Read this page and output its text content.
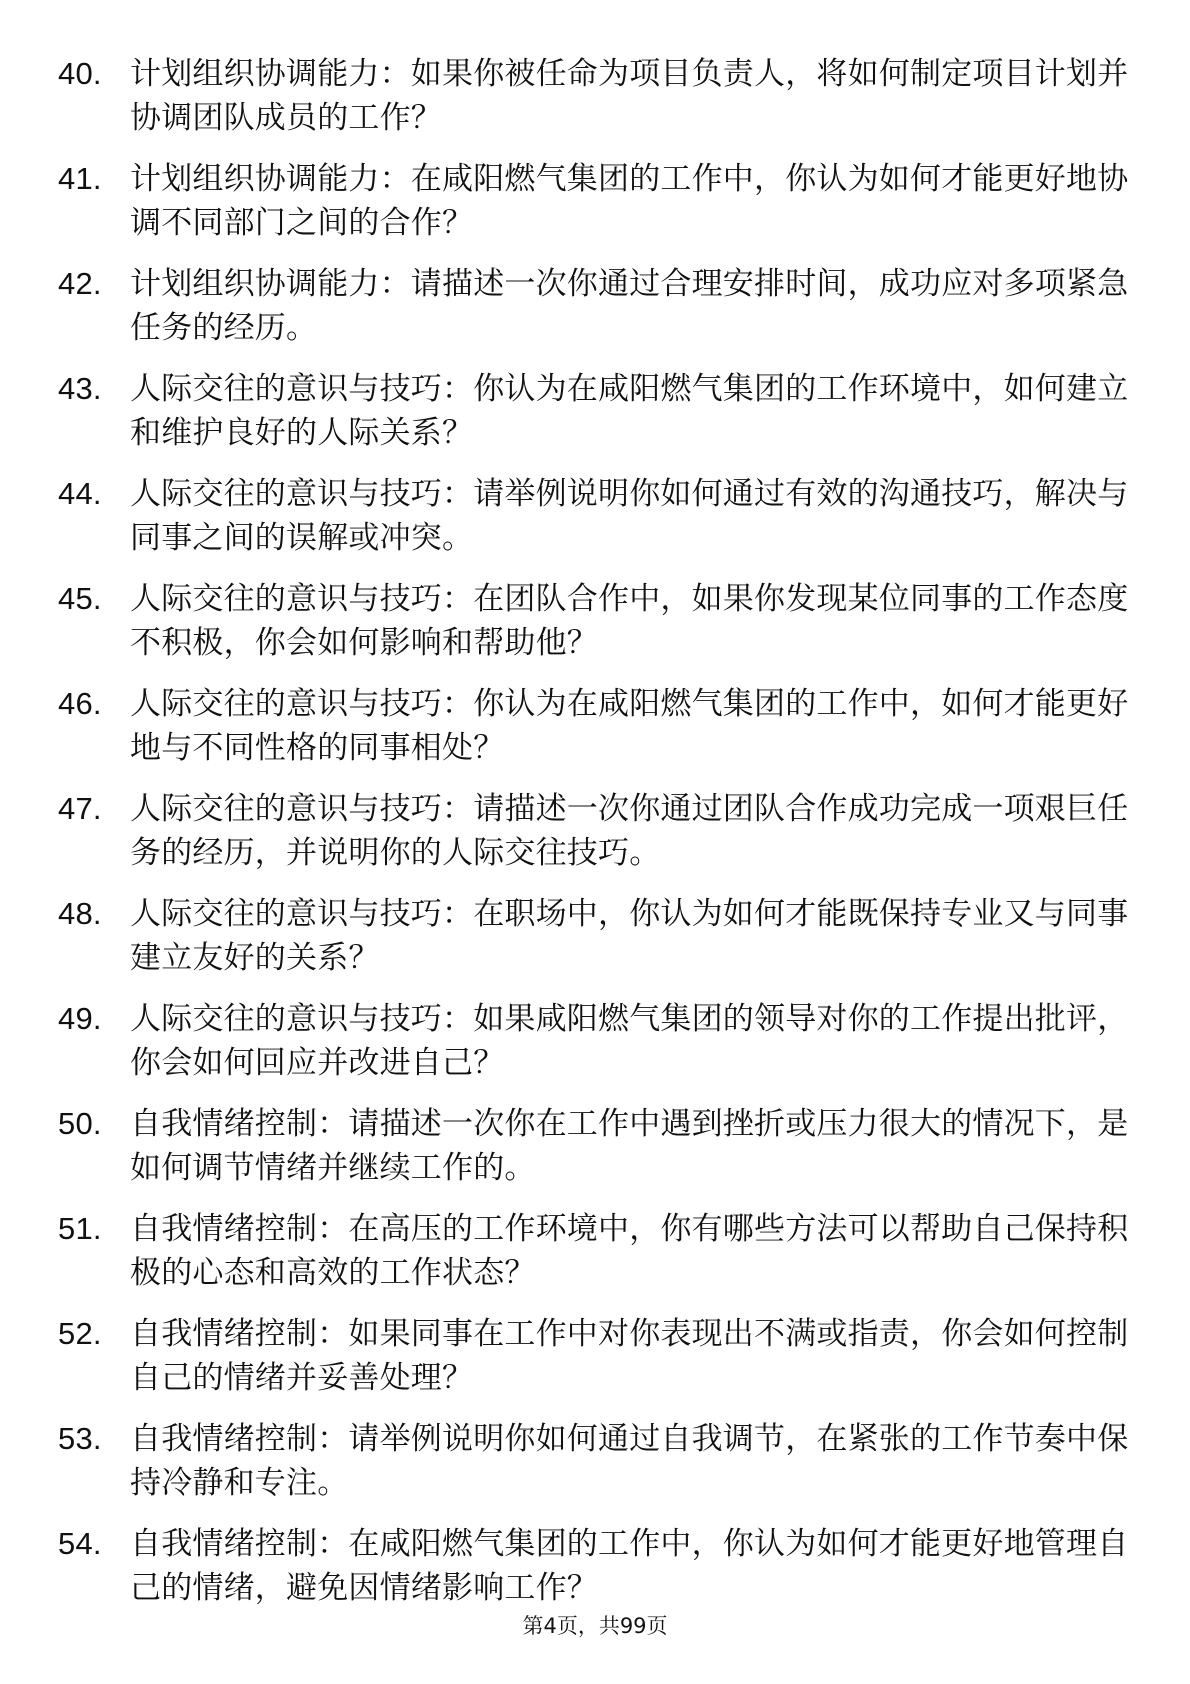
40. 计划组织协调能力：如果你被任命为项目负责人，将如何制定项目计划并协调团队成员的工作？
41. 计划组织协调能力：在咸阳燃气集团的工作中，你认为如何才能更好地协调不同部门之间的合作？
42. 计划组织协调能力：请描述一次你通过合理安排时间，成功应对多项紧急任务的经历。
43. 人际交往的意识与技巧：你认为在咸阳燃气集团的工作环境中，如何建立和维护良好的人际关系？
44. 人际交往的意识与技巧：请举例说明你如何通过有效的沟通技巧，解决与同事之间的误解或冲突。
45. 人际交往的意识与技巧：在团队合作中，如果你发现某位同事的工作态度不积极，你会如何影响和帮助他？
46. 人际交往的意识与技巧：你认为在咸阳燃气集团的工作中，如何才能更好地与不同性格的同事相处？
47. 人际交往的意识与技巧：请描述一次你通过团队合作成功完成一项艰巨任务的经历，并说明你的人际交往技巧。
48. 人际交往的意识与技巧：在职场中，你认为如何才能既保持专业又与同事建立友好的关系？
49. 人际交往的意识与技巧：如果咸阳燃气集团的领导对你的工作提出批评，你会如何回应并改进自己？
50. 自我情绪控制：请描述一次你在工作中遇到挫折或压力很大的情况下，是如何调节情绪并继续工作的。
51. 自我情绪控制：在高压的工作环境中，你有哪些方法可以帮助自己保持积极的心态和高效的工作状态？
52. 自我情绪控制：如果同事在工作中对你表现出不满或指责，你会如何控制自己的情绪并妥善处理？
53. 自我情绪控制：请举例说明你如何通过自我调节，在紧张的工作节奏中保持冷静和专注。
54. 自我情绪控制：在咸阳燃气集团的工作中，你认为如何才能更好地管理自己的情绪，避免因情绪影响工作？
第4页，共99页
